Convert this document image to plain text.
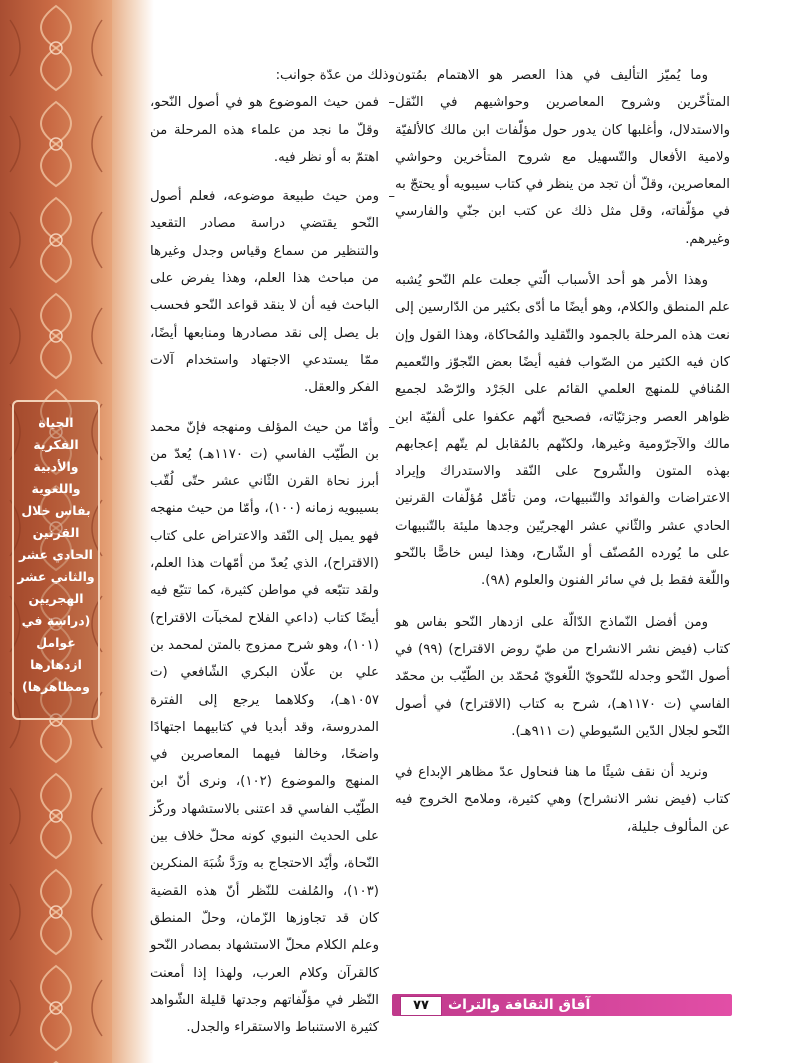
الحياة الفكرية والأدبية واللغوية بفاس خلال القرنين الحادي عشر والثاني عشر الهجريين (دراسة في عوامل ازدهارها ومظاهرها)

وما يُميّز التأليف في هذا العصر هو الاهتمام بمُتون المتأخّرين وشروح المعاصرين وحواشيهم في النّقل والاستدلال، وأغلبها كان يدور حول مؤلّفات ابن مالك كالألفيّة ولامية الأفعال والتّسهيل مع شروح المتأخرين وحواشي المعاصرين، وقلّ أن تجد من ينظر في كتاب سيبويه أو يحتجّ به في مؤلّفاته، وقل مثل ذلك عن كتب ابن جنّي والفارسي وغيرهم.

وهذا الأمر هو أحد الأسباب الّتي جعلت علم النّحو يُشبه علم المنطق والكلام، وهو أيضًا ما أدّى بكثير من الدّارسين إلى نعت هذه المرحلة بالجمود والتّقليد والمُحاكاة، وهذا القول وإن كان فيه الكثير من الصّواب ففيه أيضًا بعض التّجوّز والتّعميم المُنافي للمنهج العلمي القائم على الجَرْد والرّصْد لجميع ظواهر العصر وجزئيّاته، فصحيح أنّهم عكفوا على ألفيّة ابن مالك والآجرّومية وغيرها، ولكنّهم بالمُقابل لم يتّهم إعجابهم بهذه المتون والشّروح على النّقد والاستدراك وإيراد الاعتراضات والفوائد والتّنبيهات، ومن تأمّل مُؤلّفات القرنين الحادي عشر والثّاني عشر الهجريّين وجدها مليئة بالتّنبيهات على ما يُورده المُصنّف أو الشّارح، وهذا ليس خاصًّا بالنّحو واللّغة فقط بل في سائر الفنون والعلوم (٩٨).

ومن أفضل النّماذج الدّالّة على ازدهار النّحو بفاس هو كتاب (فيض نشر الانشراح من طيّ روض الاقتراح) (٩٩) في أصول النّحو وجدله للنّحويّ اللّغويّ مُحمّد بن الطّيّب بن محمّد الفاسي (ت ١١٧٠هـ)، شرح به كتاب (الاقتراح) في أصول النّحو لجلال الدّين السّيوطي (ت ٩١١هـ).

ونريد أن نقف شيئًا ما هنا فنحاول عدّ مظاهر الإبداع في كتاب (فيض نشر الانشراح) وهي كثيرة، وملامح الخروج فيه عن المألوف جليلة،

وذلك من عدّة جوانب:

– فمن حيث الموضوع هو في أصول النّحو، وقلّ ما نجد من علماء هذه المرحلة من اهتمّ به أو نظر فيه.

– ومن حيث طبيعة موضوعه، فعلم أصول النّحو يقتضي دراسة مصادر التقعيد والتنظير من سماع وقياس وجدل وغيرها من مباحث هذا العلم، وهذا يفرض على الباحث فيه أن لا ينقد قواعد النّحو فحسب بل يصل إلى نقد مصادرها ومنابعها أيضًا، ممّا يستدعي الاجتهاد واستخدام آلات الفكر والعقل.

– وأمّا من حيث المؤلف ومنهجه فإنّ محمد بن الطّيّب الفاسي (ت ١١٧٠هـ) يُعدّ من أبرز نحاة القرن الثّاني عشر حتّى لُقّب بسيبويه زمانه (١٠٠)، وأمّا من حيث منهجه فهو يميل إلى النّقد والاعتراض على كتاب (الاقتراح)، الذي يُعدّ من أمّهات هذا العلم، ولقد تتبّعه في مواطن كثيرة، كما تتبّع فيه أيضًا كتاب (داعي الفلاح لمخبآت الاقتراح) (١٠١)، وهو شرح ممزوج بالمتن لمحمد بن علي بن علّان البكري الشّافعي (ت ١٠٥٧هـ)، وكلاهما يرجع إلى الفترة المدروسة، وقد أبديا في كتابيهما اجتهادًا واضحًا، وخالفا فيهما المعاصرين في المنهج والموضوع (١٠٢)، ونرى أنّ ابن الطّيّب الفاسي قد اعتنى بالاستشهاد وركّز على الحديث النبوي كونه محلّ خلاف بين النّحاة، وأيّد الاحتجاج به ورَدَّ شُبَهَ المنكرين (١٠٣)، والمُلفت للنّظر أنّ هذه القضية كان قد تجاوزها الزّمان، وحلّ المنطق وعلم الكلام محلّ الاستشهاد بمصادر النّحو كالقرآن وكلام العرب، ولهذا إذا أمعنت النّظر في مؤلّفاتهم وجدتها قليلة الشّواهد كثيرة الاستنباط والاستقراء والجدل.

آفاق الثقافة والتراث
٧٧
